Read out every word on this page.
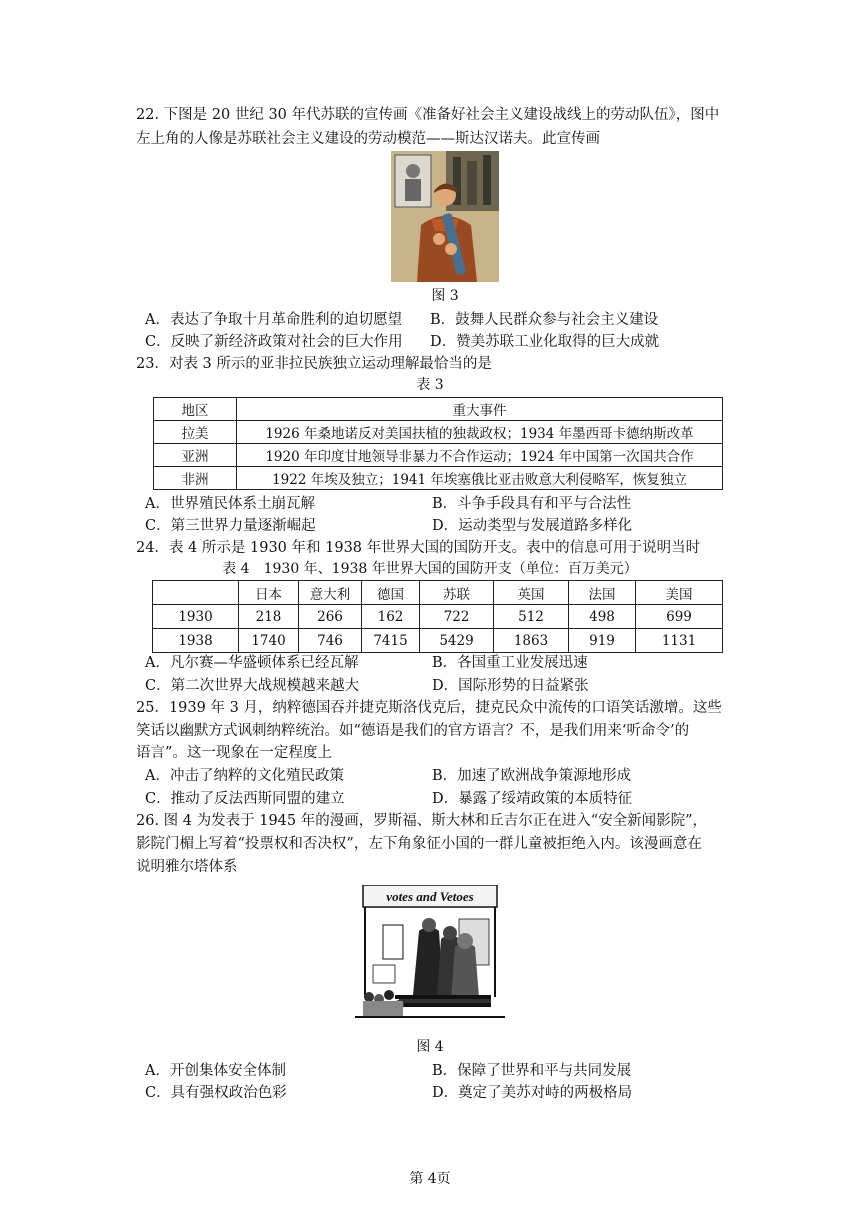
22. 下图是 20 世纪 30 年代苏联的宣传画《准备好社会主义建设战线上的劳动队伍》，图中
左上角的人像是苏联社会主义建设的劳动模范——斯达汉诺夫。此宣传画
图 3
A．表达了争取十月革命胜利的迫切愿望 B．鼓舞人民群众参与社会主义建设
C．反映了新经济政策对社会的巨大作用 D．赞美苏联工业化取得的巨大成就
23．对表 3 所示的亚非拉民族独立运动理解最恰当的是
表 3
地区	重大事件
拉美	1926 年桑地诺反对美国扶植的独裁政权；1934 年墨西哥卡德纳斯改革
亚洲	1920 年印度甘地领导非暴力不合作运动；1924 年中国第一次国共合作
非洲	1922 年埃及独立；1941 年埃塞俄比亚击败意大利侵略军，恢复独立
A．世界殖民体系土崩瓦解	B．斗争手段具有和平与合法性
C．第三世界力量逐渐崛起	D．运动类型与发展道路多样化
24．表 4 所示是 1930 年和 1938 年世界大国的国防开支。表中的信息可用于说明当时
表 4　1930 年、1938 年世界大国的国防开支（单位：百万美元）
	日本	意大利	德国	苏联	英国	法国	美国
1930	218	266	162	722	512	498	699
1938	1740	746	7415	5429	1863	919	1131
A．凡尔赛—华盛顿体系已经瓦解	B．各国重工业发展迅速
C．第二次世界大战规模越来越大	D．国际形势的日益紧张
25．1939 年 3 月，纳粹德国吞并捷克斯洛伐克后，捷克民众中流传的口语笑话激增。这些
笑话以幽默方式讽刺纳粹统治。如“德语是我们的官方语言？不，是我们用来‘听命令’的
语言”。这一现象在一定程度上
A．冲击了纳粹的文化殖民政策	B．加速了欧洲战争策源地形成
C．推动了反法西斯同盟的建立	D．暴露了绥靖政策的本质特征
26. 图 4 为发表于 1945 年的漫画，罗斯福、斯大林和丘吉尔正在进入“安全新闻影院”，
影院门楣上写着“投票权和否决权”，左下角象征小国的一群儿童被拒绝入内。该漫画意在
说明雅尔塔体系
votes and Vetoes
图 4
A．开创集体安全体制	B．保障了世界和平与共同发展
C．具有强权政治色彩	D．奠定了美苏对峙的两极格局
第 4页
